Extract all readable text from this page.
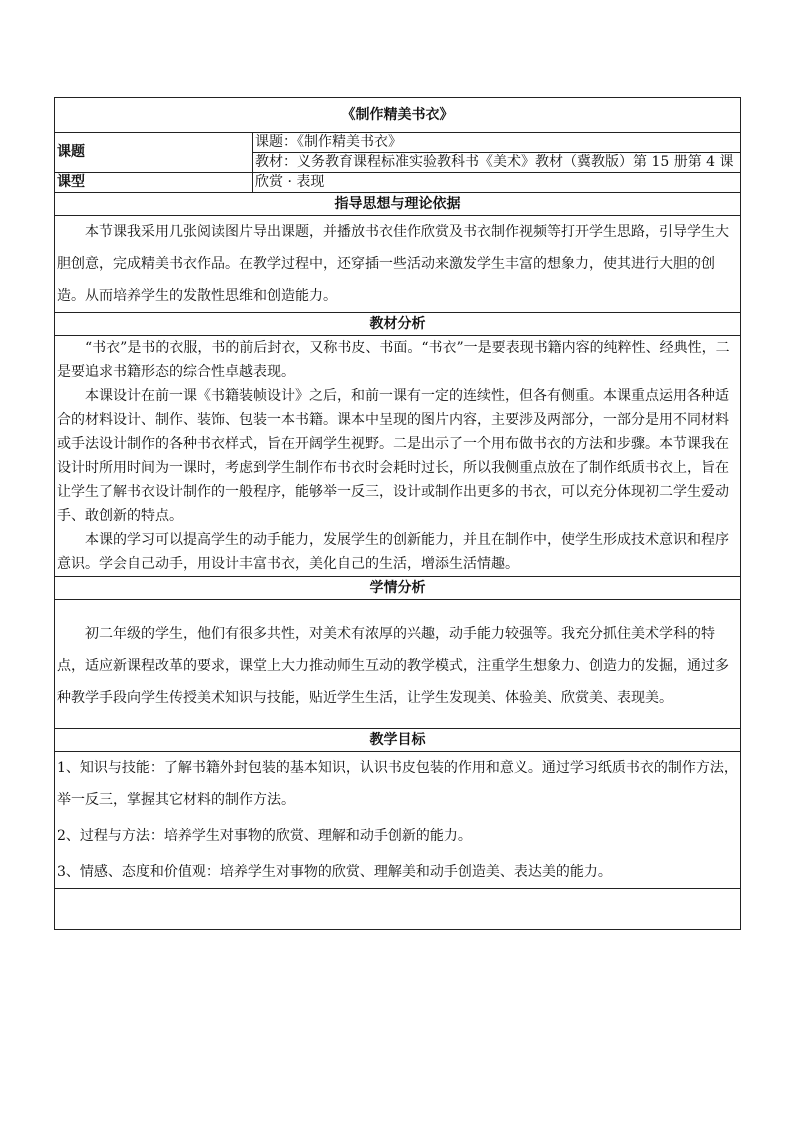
《制作精美书衣》	
课题	课题：《制作精美书衣》
	教材：义务教育课程标准实验教科书《美术》教材（冀教版）第 15 册第 4 课
课型	欣赏 · 表现
指导思想与理论依据	

本节课我采用几张阅读图片导出课题，并播放书衣佳作欣赏及书衣制作视频等打开学生思路，引导学生大胆创意，完成精美书衣作品。在教学过程中，还穿插一些活动来激发学生丰富的想象力，使其进行大胆的创造。从而培养学生的发散性思维和创造能力。	

教材分析	

“书衣”是书的衣服，书的前后封衣，又称书皮、书面。“书衣”一是要表现书籍内容的纯粹性、经典性，二是要追求书籍形态的综合性卓越表现。

本课设计在前一课《书籍装帧设计》之后，和前一课有一定的连续性，但各有侧重。本课重点运用各种适合的材料设计、制作、装饰、包装一本书籍。课本中呈现的图片内容，主要涉及两部分，一部分是用不同材料或手法设计制作的各种书衣样式，旨在开阔学生视野。二是出示了一个用布做书衣的方法和步骤。本节课我在设计时所用时间为一课时，考虑到学生制作布书衣时会耗时过长，所以我侧重点放在了制作纸质书衣上，旨在让学生了解书衣设计制作的一般程序，能够举一反三，设计或制作出更多的书衣，可以充分体现初二学生爱动手、敢创新的特点。

本课的学习可以提高学生的动手能力，发展学生的创新能力，并且在制作中，使学生形成技术意识和程序意识。学会自己动手，用设计丰富书衣，美化自己的生活，增添生活情趣。	

学情分析	

初二年级的学生，他们有很多共性，对美术有浓厚的兴趣，动手能力较强等。我充分抓住美术学科的特点，适应新课程改革的要求，课堂上大力推动师生互动的教学模式，注重学生想象力、创造力的发掘，通过多种教学手段向学生传授美术知识与技能，贴近学生生活，让学生发现美、体验美、欣赏美、表现美。	

教学目标	

1、知识与技能：了解书籍外封包装的基本知识，认识书皮包装的作用和意义。通过学习纸质书衣的制作方法，举一反三，掌握其它材料的制作方法。

2、过程与方法：培养学生对事物的欣赏、理解和动手创新的能力。

3、情感、态度和价值观：培养学生对事物的欣赏、理解美和动手创造美、表达美的能力。	
